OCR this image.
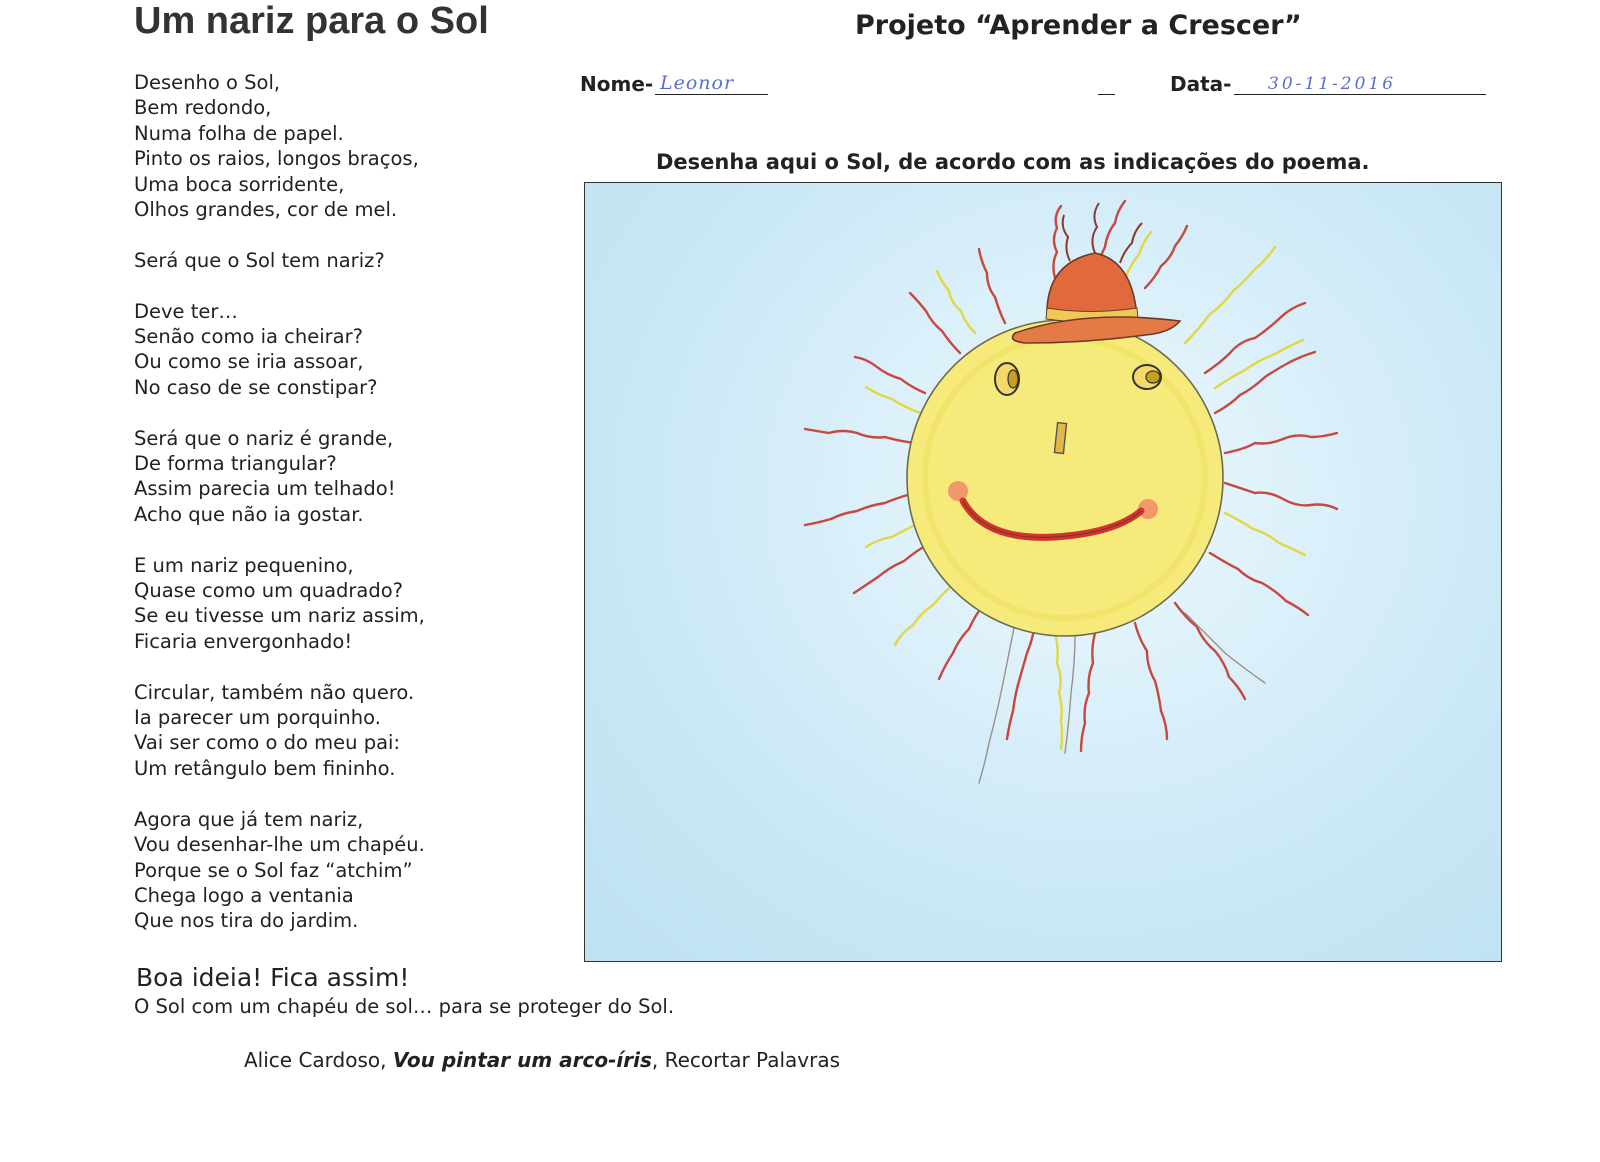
Um nariz para o Sol	Projeto “Aprender a Crescer”
Nome- Leonor	Data- 30-11-2016
Desenho o Sol,
Bem redondo,
Numa folha de papel.
Pinto os raios, longos braços,
Uma boca sorridente,
Olhos grandes, cor de mel.
Será que o Sol tem nariz?
Deve ter…
Senão como ia cheirar?
Ou como se iria assoar,
No caso de se constipar?
Será que o nariz é grande,
De forma triangular?
Assim parecia um telhado!
Acho que não ia gostar.
E um nariz pequenino,
Quase como um quadrado?
Se eu tivesse um nariz assim,
Ficaria envergonhado!
Circular, também não quero.
Ia parecer um porquinho.
Vai ser como o do meu pai:
Um retângulo bem fininho.
Agora que já tem nariz,
Vou desenhar-lhe um chapéu.
Porque se o Sol faz “atchim”
Chega logo a ventania
Que nos tira do jardim.
Boa ideia! Fica assim!
O Sol com um chapéu de sol… para se proteger do Sol.
Alice Cardoso, Vou pintar um arco-íris, Recortar Palavras
Desenha aqui o Sol, de acordo com as indicações do poema.
